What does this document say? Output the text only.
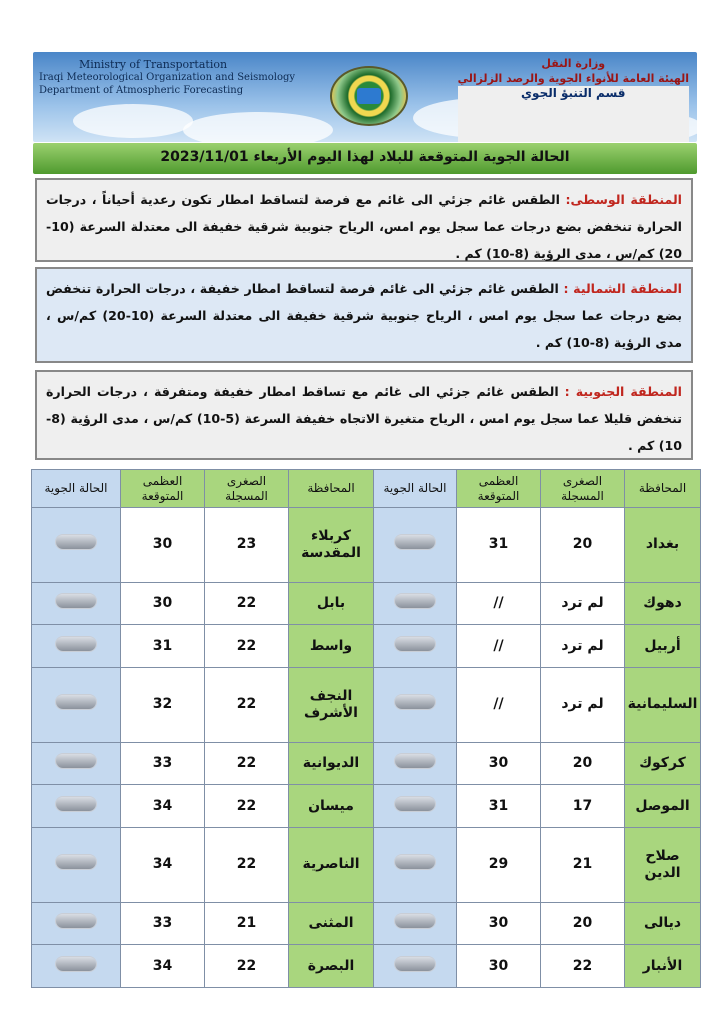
Ministry of Transportation
Iraqi Meteorological Organization and Seismology
Department of Atmospheric Forecasting
وزارة النقل
الهيئة العامة للأنواء الجوية والرصد الزلزالي
قسم التنبؤ الجوي
الحالة الجوية المتوقعة للبلاد لهذا اليوم الأربعاء 2023/11/01
المنطقة الوسطى: الطقس غائم جزئي الى غائم مع فرصة لتساقط امطار تكون رعدية أحياناً ، درجات الحرارة تنخفض بضع درجات عما سجل يوم امس، الرياح جنوبية شرقية خفيفة الى معتدلة السرعة (10-20) كم/س ، مدى الرؤية (8-10) كم .
المنطقة الشمالية : الطقس غائم جزئي الى غائم فرصة لتساقط امطار خفيفة ، درجات الحرارة تنخفض بضع درجات عما سجل يوم امس ، الرياح جنوبية شرقية خفيفة الى معتدلة السرعة (10-20) كم/س ، مدى الرؤية (8-10) كم .
المنطقة الجنوبية : الطقس غائم جزئي الى غائم مع تساقط امطار خفيفة ومتفرقة ، درجات الحرارة تنخفض قليلا عما سجل يوم امس ، الرياح متغيرة الاتجاه خفيفة السرعة (5-10) كم/س ، مدى الرؤية (8-10) كم .
المحافظة	الصغرى المسجلة	العظمى المتوقعة	الحالة الجوية	المحافظة	الصغرى المسجلة	العظمى المتوقعة	الحالة الجوية
بغداد	20	31		كربلاء المقدسة	23	30	
دهوك	لم ترد	//		بابل	22	30	
أربيل	لم ترد	//		واسط	22	31	
السليمانية	لم ترد	//		النجف الأشرف	22	32	
كركوك	20	30		الديوانية	22	33	
الموصل	17	31		ميسان	22	34	
صلاح الدين	21	29		الناصرية	22	34	
ديالى	20	30		المثنى	21	33	
الأنبار	22	30		البصرة	22	34	
